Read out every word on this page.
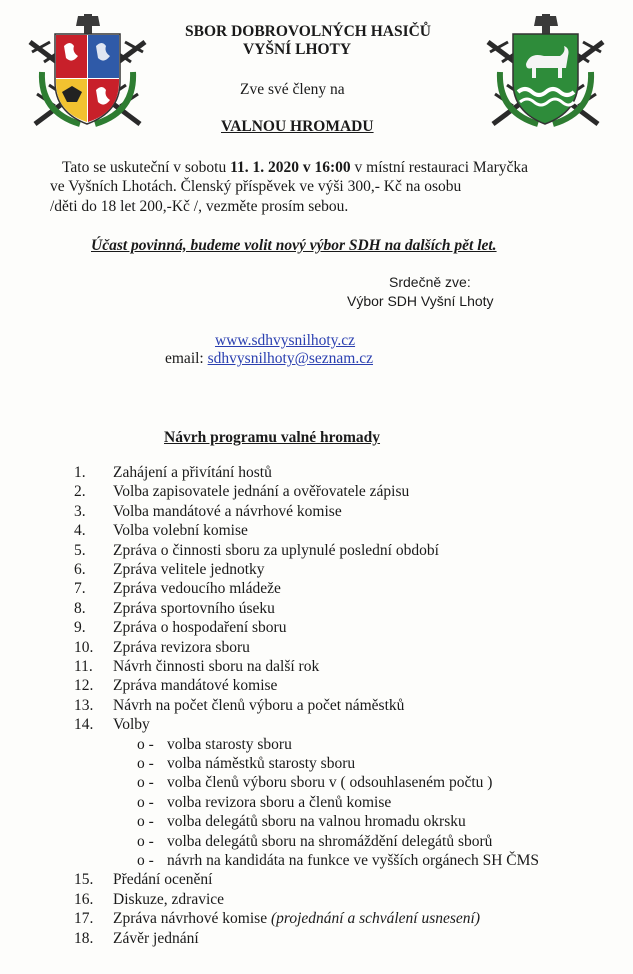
SBOR DOBROVOLNÝCH HASIČŮ
VYŠNÍ LHOTY
Zve své členy na
VALNOU HROMADU
Tato se uskuteční v sobotu 11. 1. 2020 v 16:00 v místní restauraci Maryčka
ve Vyšních Lhotách. Členský příspěvek ve výši 300,- Kč na osobu
/děti do 18 let 200,-Kč /, vezměte prosím sebou.
Účast povinná, budeme volit nový výbor SDH na dalších pět let.
Srdečně zve:
Výbor SDH Vyšní Lhoty
www.sdhvysnilhoty.cz
email: sdhvysnilhoty@seznam.cz
Návrh programu valné hromady
1.	Zahájení a přivítání hostů
2.	Volba zapisovatele jednání a ověřovatele zápisu
3.	Volba mandátové a návrhové komise
4.	Volba volební komise
5.	Zpráva o činnosti sboru za uplynulé poslední období
6.	Zpráva velitele jednotky
7.	Zpráva vedoucího mládeže
8.	Zpráva sportovního úseku
9.	Zpráva o hospodaření sboru
10.	Zpráva revizora sboru
11.	Návrh činnosti sboru na další rok
12.	Zpráva mandátové komise
13.	Návrh na počet členů výboru a počet náměstků
14.	Volby
o - volba starosty sboru
o - volba náměstků starosty sboru
o - volba členů výboru sboru v ( odsouhlaseném počtu )
o - volba revizora sboru a členů komise
o - volba delegátů sboru na valnou hromadu okrsku
o - volba delegátů sboru na shromáždění delegátů sborů
o - návrh na kandidáta na funkce ve vyšších orgánech SH ČMS
15.	Předání ocenění
16.	Diskuze, zdravice
17.	Zpráva návrhové komise (projednání a schválení usnesení)
18.	Závěr jednání
